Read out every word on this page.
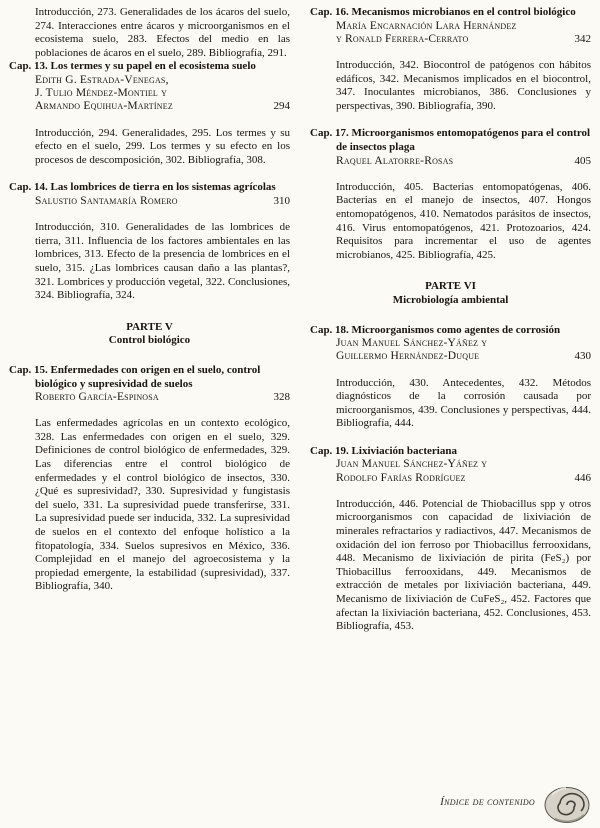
Introducción, 273. Generalidades de los ácaros del suelo, 274. Interacciones entre ácaros y microorganismos en el ecosistema suelo, 283. Efectos del medio en las poblaciones de ácaros en el suelo, 289. Bibliografía, 291.

Cap. 13. Los termes y su papel en el ecosistema suelo
Edith G. Estrada-Venegas,
J. Tulio Méndez-Montiel y
Armando Equihua-Martínez	294

Introducción, 294. Generalidades, 295. Los termes y su efecto en el suelo, 299. Los termes y su efecto en los procesos de descomposición, 302. Bibliografía, 308.

Cap. 14. Las lombrices de tierra en los sistemas agrícolas
Salustio Santamaría Romero	310

Introducción, 310. Generalidades de las lombrices de tierra, 311. Influencia de los factores ambientales en las lombrices, 313. Efecto de la presencia de lombrices en el suelo, 315. ¿Las lombrices causan daño a las plantas?, 321. Lombrices y producción vegetal, 322. Conclusiones, 324. Bibliografía, 324.

PARTE V
Control biológico
Cap. 15. Enfermedades con origen en el suelo, control biológico y supresividad de suelos
Roberto García-Espinosa	328

Las enfermedades agrícolas en un contexto ecológico, 328. Las enfermedades con origen en el suelo, 329. Definiciones de control biológico de enfermedades, 329. Las diferencias entre el control biológico de enfermedades y el control biológico de insectos, 330. ¿Qué es supresividad?, 330. Supresividad y fungistasis del suelo, 331. La supresividad puede transferirse, 331. La supresividad puede ser inducida, 332. La supresividad de suelos en el contexto del enfoque holístico a la fitopatología, 334. Suelos supresivos en México, 336. Complejidad en el manejo del agroecosistema y la propiedad emergente, la estabilidad (supresividad), 337. Bibliografía, 340.

Cap. 16. Mecanismos microbianos en el control biológico
María Encarnación Lara Hernández
y Ronald Ferrera-Cerrato	342

Introducción, 342. Biocontrol de patógenos con hábitos edáficos, 342. Mecanismos implicados en el biocontrol, 347. Inoculantes microbianos, 386. Conclusiones y perspectivas, 390. Bibliografía, 390.

Cap. 17. Microorganismos entomopatógenos para el control de insectos plaga
Raquel Alatorre-Rosas	405

Introducción, 405. Bacterias entomopatógenas, 406. Bacterias en el manejo de insectos, 407. Hongos entomopatógenos, 410. Nematodos parásitos de insectos, 416. Virus entomopatógenos, 421. Protozoarios, 424. Requisitos para incrementar el uso de agentes microbianos, 425. Bibliografía, 425.

PARTE VI
Microbiología ambiental
Cap. 18. Microorganismos como agentes de corrosión
Juan Manuel Sánchez-Yáñez y
Guillermo Hernández-Duque	430

Introducción, 430. Antecedentes, 432. Métodos diagnósticos de la corrosión causada por microorganismos, 439. Conclusiones y perspectivas, 444. Bibliografía, 444.

Cap. 19. Lixiviación bacteriana
Juan Manuel Sánchez-Yáñez y
Rodolfo Farías Rodríguez	446

Introducción, 446. Potencial de Thiobacillus spp y otros microorganismos con capacidad de lixiviación de minerales refractarios y radiactivos, 447. Mecanismos de oxidación del ion ferroso por Thiobacillus ferrooxidans, 448. Mecanismo de lixiviación de pirita (FeS₂) por Thiobacillus ferrooxidans, 449. Mecanismos de extracción de metales por lixiviación bacteriana, 449. Mecanismo de lixiviación de CuFeS₂, 452. Factores que afectan la lixiviación bacteriana, 452. Conclusiones, 453. Bibliografía, 453.

Índice de contenido
